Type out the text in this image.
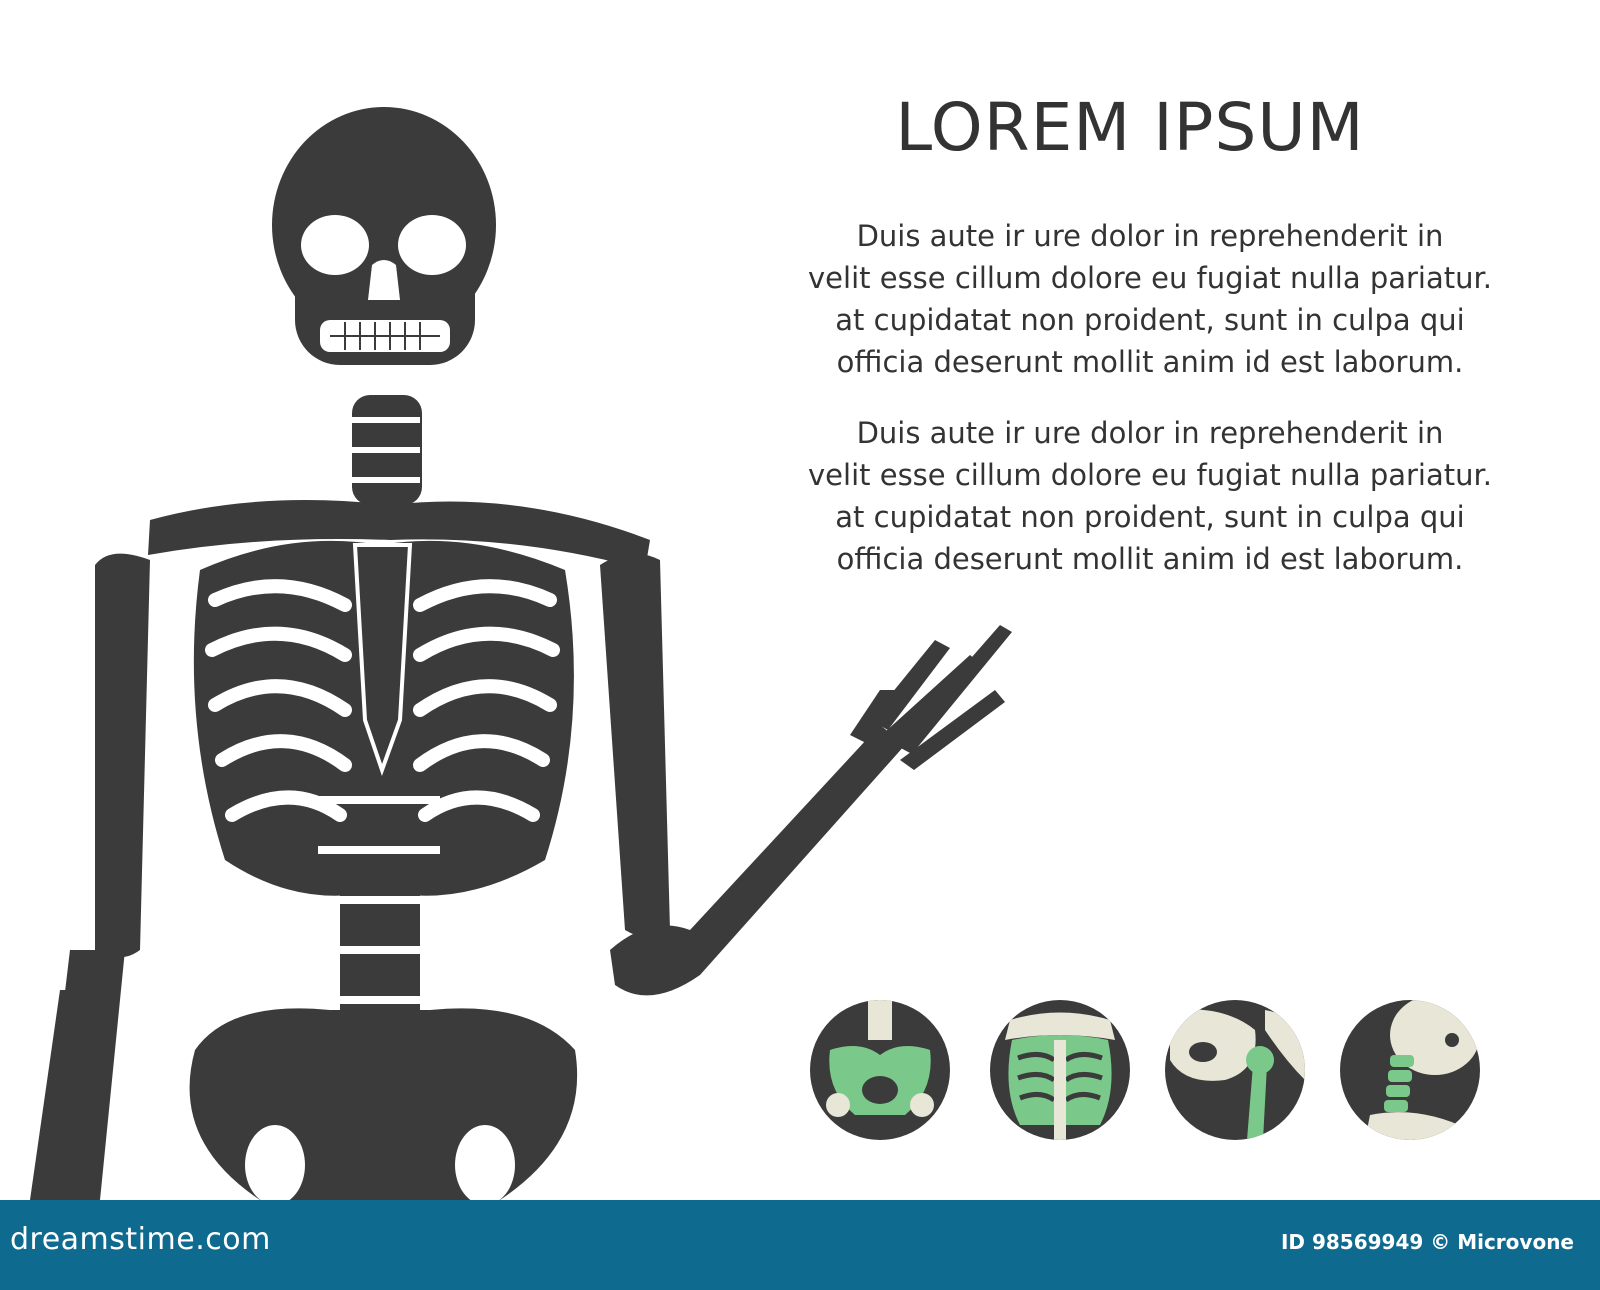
LOREM IPSUM

Duis aute ir ure dolor in reprehenderit in

velit esse cillum dolore eu fugiat nulla pariatur.

at cupidatat non proident, sunt in culpa qui

officia deserunt mollit anim id est laborum.

Duis aute ir ure dolor in reprehenderit in

velit esse cillum dolore eu fugiat nulla pariatur.

at cupidatat non proident, sunt in culpa qui

officia deserunt mollit anim id est laborum.

dreamstime.com	ID 98569949 © Microvone
